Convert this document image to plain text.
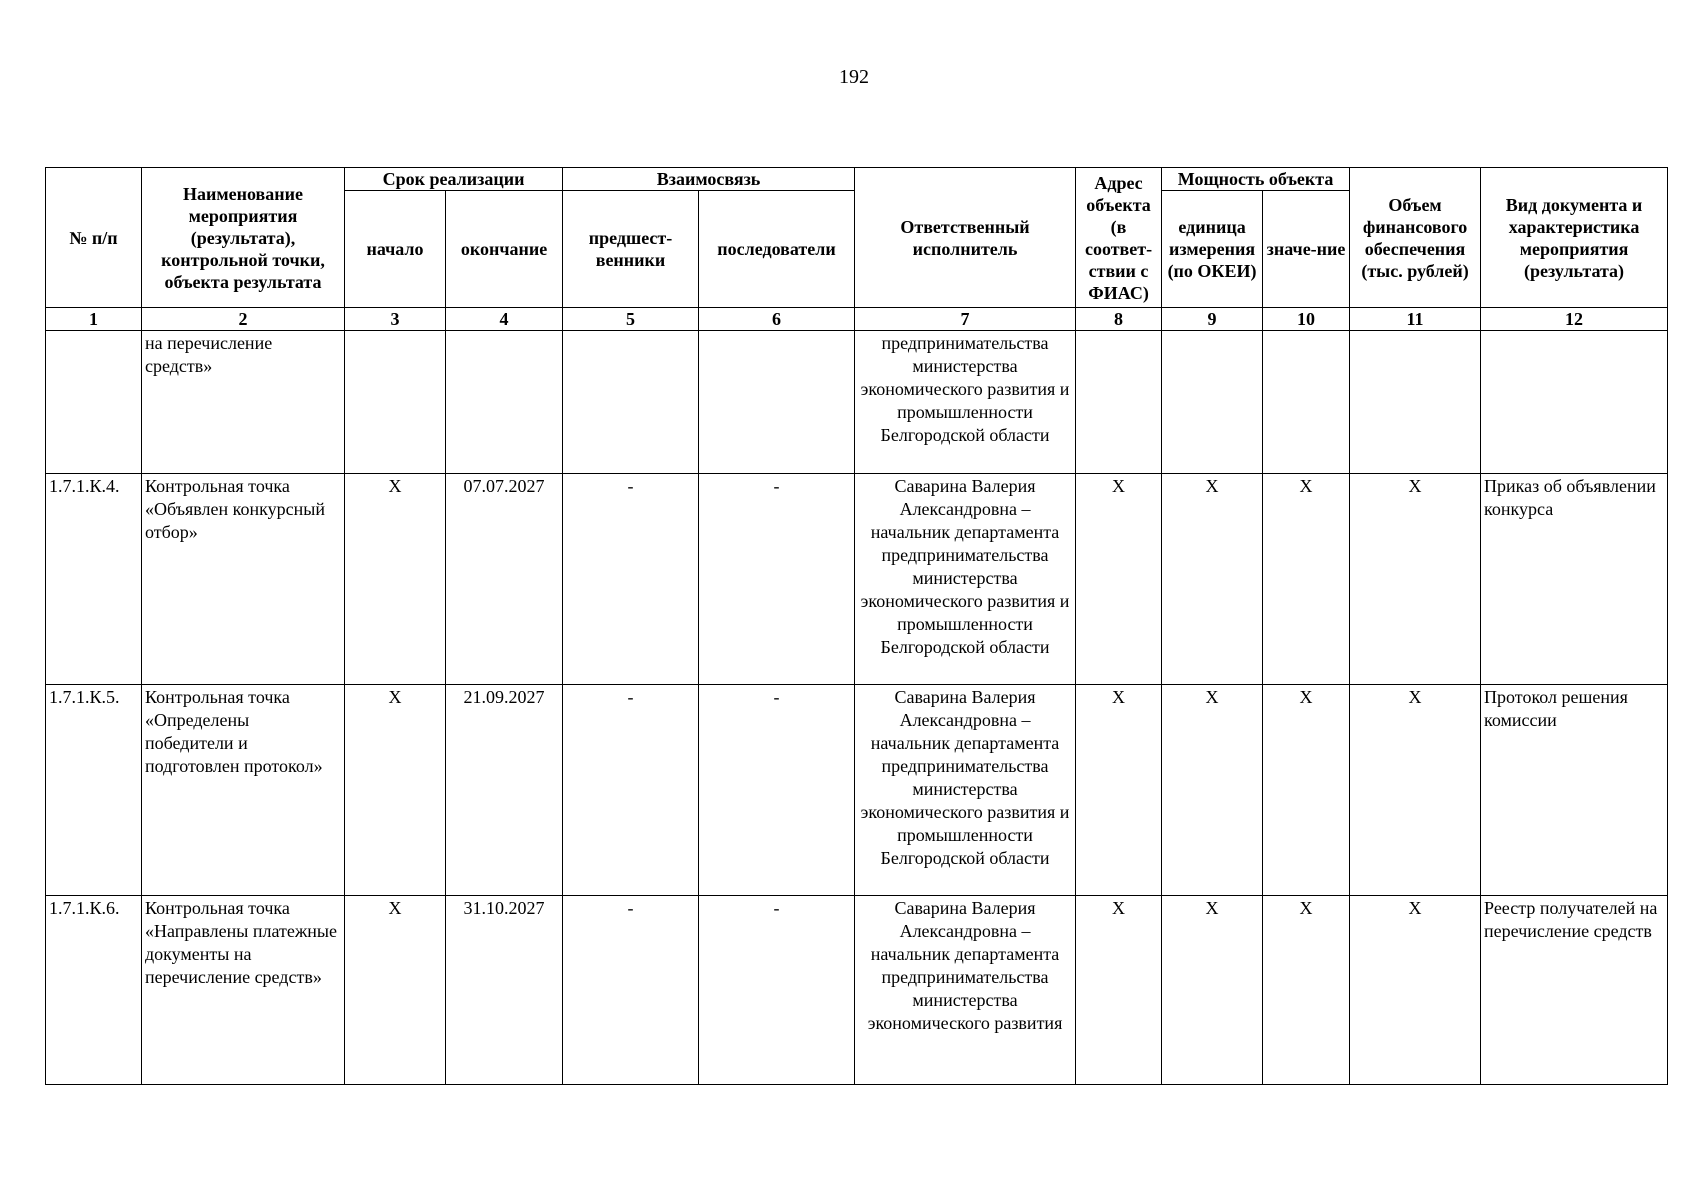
192
№ п/п	Наименование мероприятия (результата), контрольной точки, объекта результата	Срок реализации		Взаимосвязь		Ответственный исполнитель	Адрес объекта (в соответ-ствии с ФИАС)	Мощность объекта		Объем финансового обеспечения (тыс. рублей)	Вид документа и характеристика мероприятия (результата)
		начало	окончание	предшест-венники	последователи			единица измерения (по ОКЕИ)	значе-ние		
1	2	3	4	5	6	7	8	9	10	11	12
	на перечисление средств»					предпринимательства министерства экономического развития и промышленности Белгородской области					
1.7.1.К.4.	Контрольная точка «Объявлен конкурсный отбор»	X	07.07.2027	-	-	Саварина Валерия Александровна – начальник департамента предпринимательства министерства экономического развития и промышленности Белгородской области	X	X	X	X	Приказ об объявлении конкурса
1.7.1.К.5.	Контрольная точка «Определены победители и подготовлен протокол»	X	21.09.2027	-	-	Саварина Валерия Александровна – начальник департамента предпринимательства министерства экономического развития и промышленности Белгородской области	X	X	X	X	Протокол решения комиссии
1.7.1.К.6.	Контрольная точка «Направлены платежные документы на перечисление средств»	X	31.10.2027	-	-	Саварина Валерия Александровна – начальник департамента предпринимательства министерства экономического развития	X	X	X	X	Реестр получателей на перечисление средств
